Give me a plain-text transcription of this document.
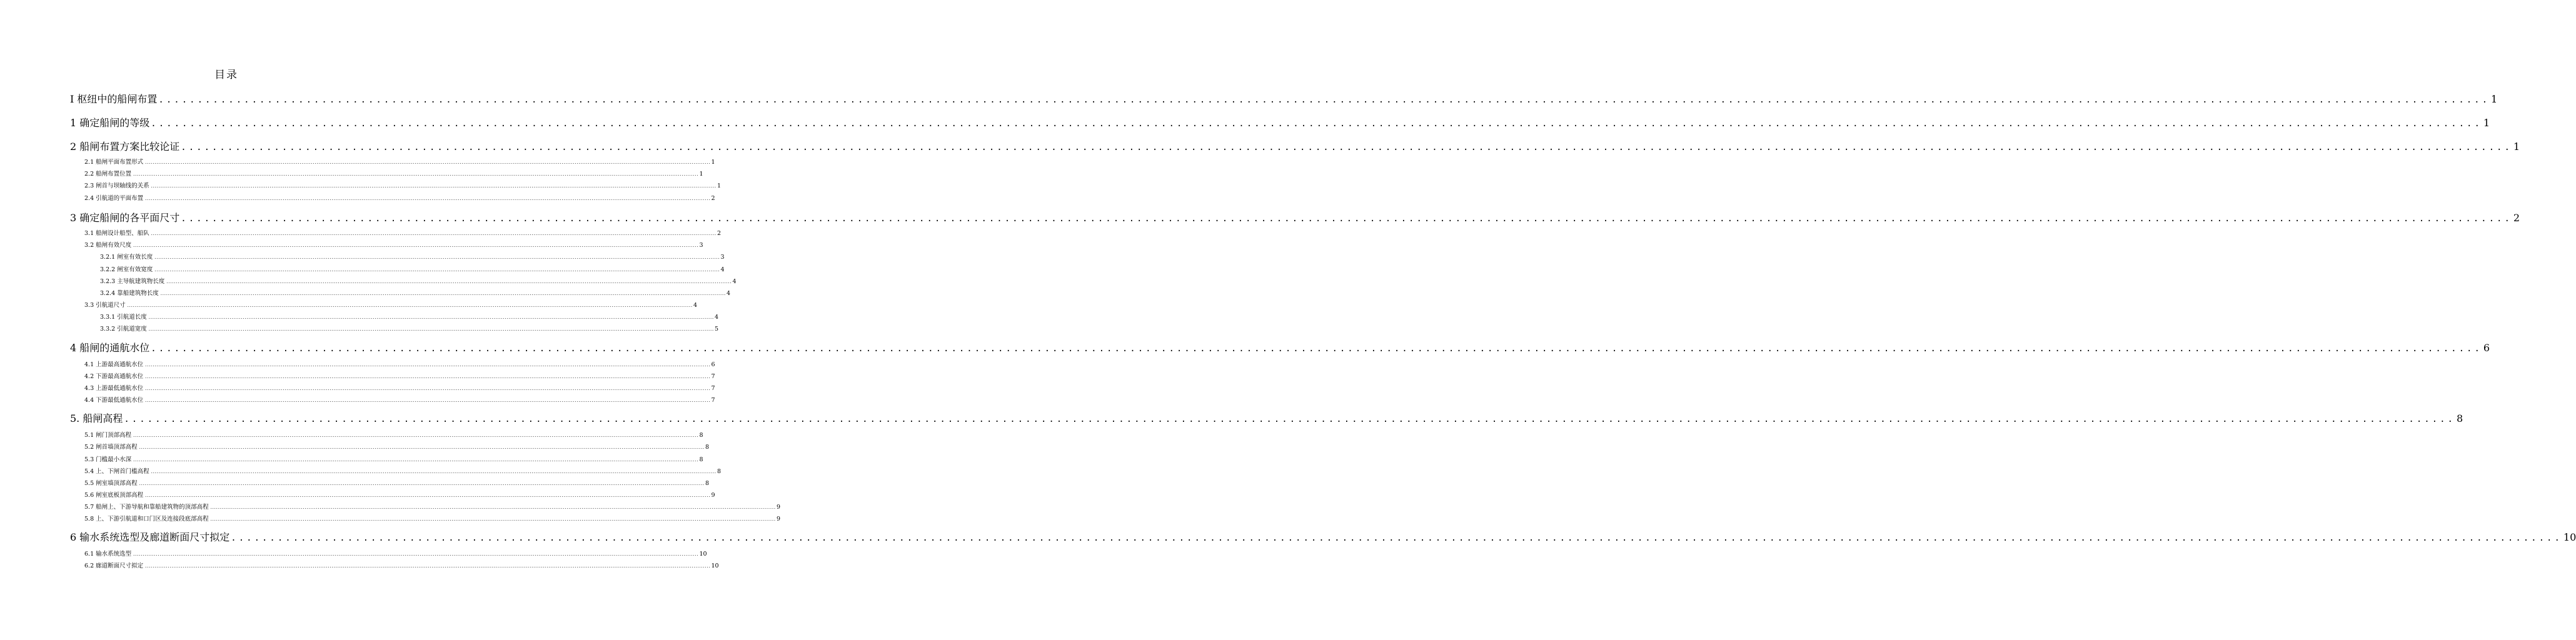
目录
Ⅰ 枢纽中的船闸布置 ............................................................................................................................................................................................................................................................................................................ 1
1 确定船闸的等级 ............................................................................................................................................................................................................................................................................................................ 1
2 船闸布置方案比较论证 ............................................................................................................................................................................................................................................................................................................ 1
2.1 船闸平面布置形式 ............................................................................................................................................................................................................................................................................................................ 1
2.2 船闸布置位置 ............................................................................................................................................................................................................................................................................................................ 1
2.3 闸首与坝轴线的关系 ............................................................................................................................................................................................................................................................................................................ 1
2.4 引航道的平面布置 ............................................................................................................................................................................................................................................................................................................ 2
3 确定船闸的各平面尺寸 ............................................................................................................................................................................................................................................................................................................ 2
3.1 船闸设计船型、船队 ............................................................................................................................................................................................................................................................................................................ 2
3.2 船闸有效尺度 ............................................................................................................................................................................................................................................................................................................ 3
3.2.1 闸室有效长度 ............................................................................................................................................................................................................................................................................................................ 3
3.2.2 闸室有效宽度 ............................................................................................................................................................................................................................................................................................................ 4
3.2.3 主导航建筑物长度 ............................................................................................................................................................................................................................................................................................................ 4
3.2.4 靠船建筑物长度 ............................................................................................................................................................................................................................................................................................................ 4
3.3 引航道尺寸 ............................................................................................................................................................................................................................................................................................................ 4
3.3.1 引航道长度 ............................................................................................................................................................................................................................................................................................................ 4
3.3.2 引航道宽度 ............................................................................................................................................................................................................................................................................................................ 5
4 船闸的通航水位 ............................................................................................................................................................................................................................................................................................................ 6
4.1 上游最高通航水位 ............................................................................................................................................................................................................................................................................................................ 6
4.2 下游最高通航水位 ............................................................................................................................................................................................................................................................................................................ 7
4.3 上游最低通航水位 ............................................................................................................................................................................................................................................................................................................ 7
4.4 下游最低通航水位 ............................................................................................................................................................................................................................................................................................................ 7
5. 船闸高程 ............................................................................................................................................................................................................................................................................................................ 8
5.1 闸门顶部高程 ............................................................................................................................................................................................................................................................................................................ 8
5.2 闸首墙顶部高程 ............................................................................................................................................................................................................................................................................................................ 8
5.3 门槛最小水深 ............................................................................................................................................................................................................................................................................................................ 8
5.4 上、下闸首门槛高程 ............................................................................................................................................................................................................................................................................................................ 8
5.5 闸室墙顶部高程 ............................................................................................................................................................................................................................................................................................................ 8
5.6 闸室底板顶部高程 ............................................................................................................................................................................................................................................................................................................ 9
5.7 船闸上、下游导航和靠船建筑物的顶部高程 ............................................................................................................................................................................................................................................................................................................ 9
5.8 上、下游引航道和口门区及连接段底部高程 ............................................................................................................................................................................................................................................................................................................ 9
6 输水系统选型及廊道断面尺寸拟定 ............................................................................................................................................................................................................................................................................................................ 10
6.1 输水系统选型 ............................................................................................................................................................................................................................................................................................................ 10
6.2 廊道断面尺寸拟定 ............................................................................................................................................................................................................................................................................................................ 10
